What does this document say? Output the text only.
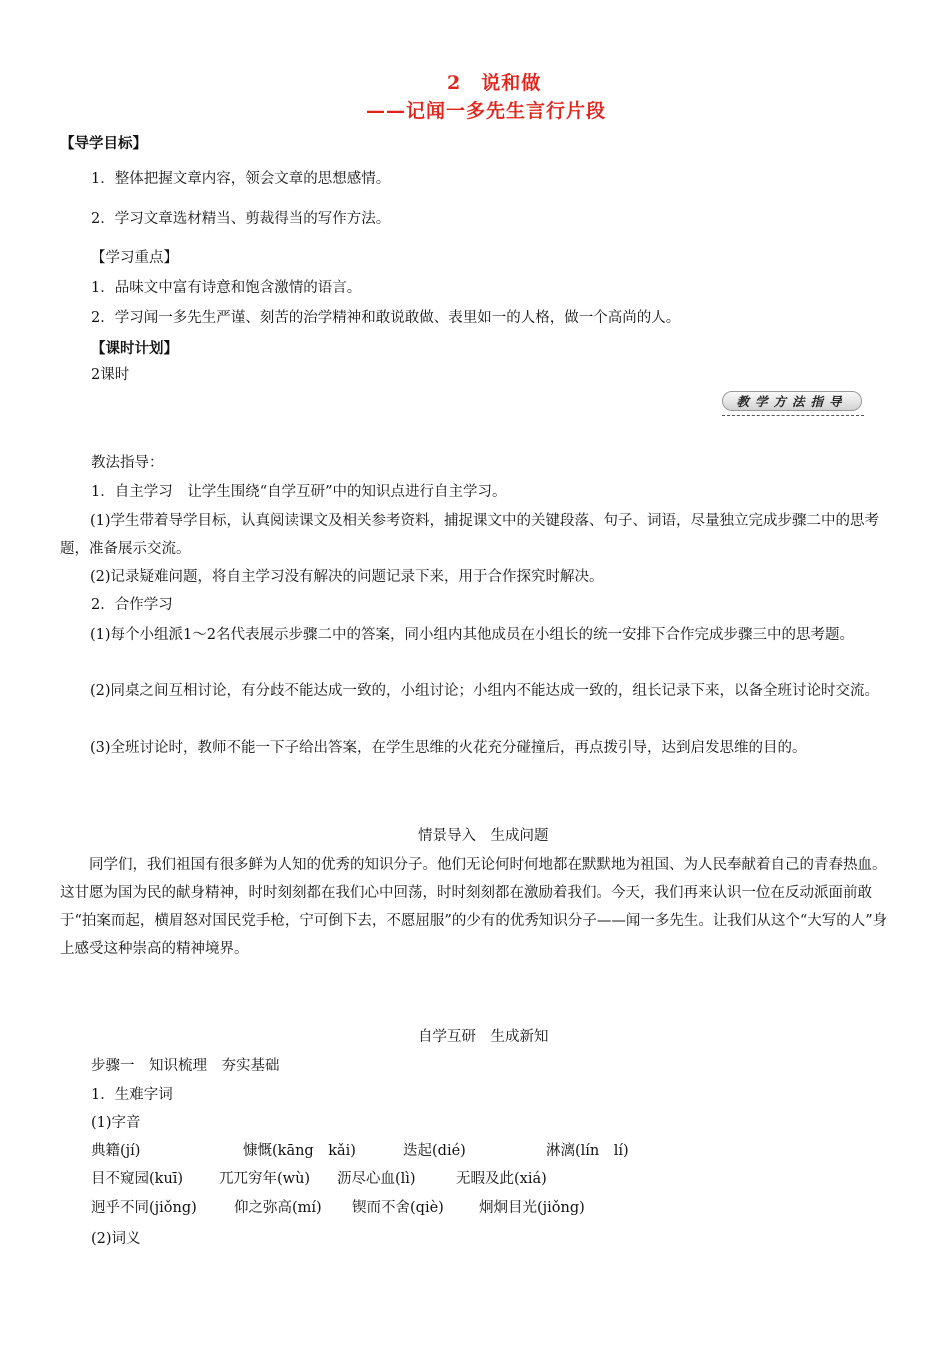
2　说和做
——记闻一多先生言行片段
【导学目标】
1．整体把握文章内容，领会文章的思想感情。
2．学习文章选材精当、剪裁得当的写作方法。
【学习重点】
1．品味文中富有诗意和饱含激情的语言。
2．学习闻一多先生严谨、刻苦的治学精神和敢说敢做、表里如一的人格，做一个高尚的人。
【课时计划】
2课时
教学方法指导
教法指导：
1．自主学习　让学生围绕“自学互研”中的知识点进行自主学习。
(1)学生带着导学目标，认真阅读课文及相关参考资料，捕捉课文中的关键段落、句子、词语，尽量独立完成步骤二中的思考题，准备展示交流。
(2)记录疑难问题，将自主学习没有解决的问题记录下来，用于合作探究时解决。
2．合作学习
(1)每个小组派1～2名代表展示步骤二中的答案，同小组内其他成员在小组长的统一安排下合作完成步骤三中的思考题。
(2)同桌之间互相讨论，有分歧不能达成一致的，小组讨论；小组内不能达成一致的，组长记录下来，以备全班讨论时交流。
(3)全班讨论时，教师不能一下子给出答案，在学生思维的火花充分碰撞后，再点拨引导，达到启发思维的目的。
情景导入　生成问题
同学们，我们祖国有很多鲜为人知的优秀的知识分子。他们无论何时何地都在默默地为祖国、为人民奉献着自己的青春热血。这甘愿为国为民的献身精神，时时刻刻都在我们心中回荡，时时刻刻都在激励着我们。今天，我们再来认识一位在反动派面前敢于“拍案而起，横眉怒对国民党手枪，宁可倒下去，不愿屈服”的少有的优秀知识分子——闻一多先生。让我们从这个“大写的人”身上感受这种崇高的精神境界。
自学互研　生成新知
步骤一　知识梳理　夯实基础
1．生难字词
(1)字音
典籍(jí)	慷慨(kāng　kǎi)	迭起(dié)	淋漓(lín　lí)
目不窥园(kuī) 兀兀穷年(wù) 沥尽心血(lì)	无暇及此(xiá)
迥乎不同(jiǒng)	仰之弥高(mí) 锲而不舍(qiè) 炯炯目光(jiǒng)
(2)词义
